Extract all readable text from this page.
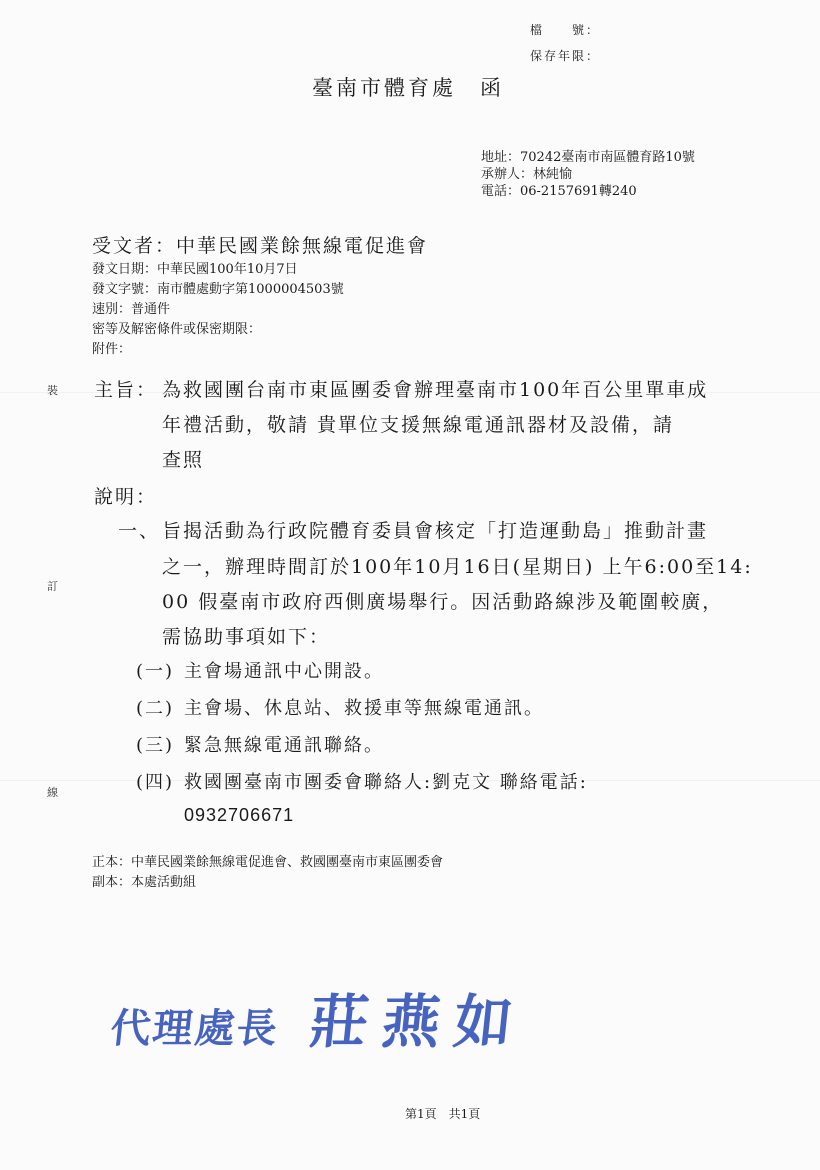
檔　　號：
保存年限：
臺南市體育處　函
地址：70242臺南市南區體育路10號
承辦人：林純愉
電話：06-2157691轉240
受文者：中華民國業餘無線電促進會
發文日期：中華民國100年10月7日
發文字號：南市體處動字第1000004503號
速別：普通件
密等及解密條件或保密期限：
附件：
裝
訂
線
主旨： 為救國團台南市東區團委會辦理臺南市100年百公里單車成
年禮活動，敬請 貴單位支援無線電通訊器材及設備，請
查照
說明：
一、 旨揭活動為行政院體育委員會核定「打造運動島」推動計畫
之一，辦理時間訂於100年10月16日(星期日) 上午6:00至14:
00 假臺南市政府西側廣場舉行。因活動路線涉及範圍較廣，
需協助事項如下：
(一) 主會場通訊中心開設。
(二) 主會場、休息站、救援車等無線電通訊。
(三) 緊急無線電通訊聯絡。
(四) 救國團臺南市團委會聯絡人:劉克文 聯絡電話:
0932706671
正本：中華民國業餘無線電促進會、救國團臺南市東區團委會
副本：本處活動組
代理處長 莊燕如
第1頁　共1頁
